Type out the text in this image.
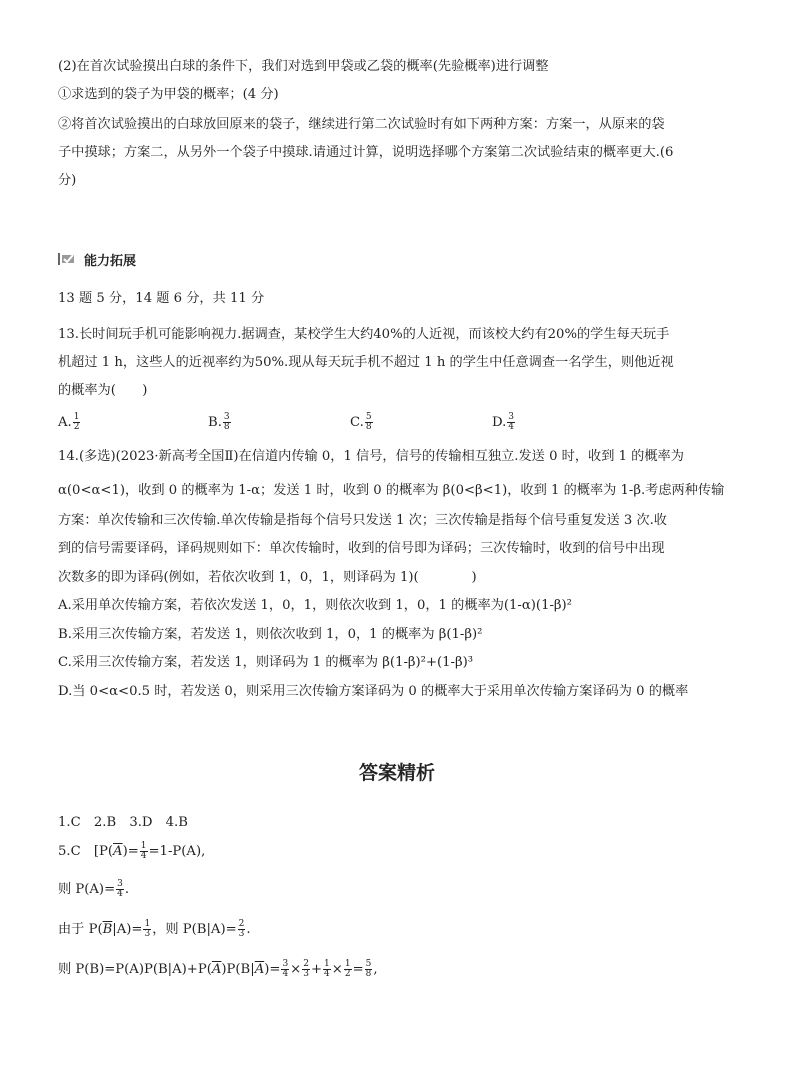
(2)在首次试验摸出白球的条件下，我们对选到甲袋或乙袋的概率(先验概率)进行调整
①求选到的袋子为甲袋的概率；(4 分)
②将首次试验摸出的白球放回原来的袋子，继续进行第二次试验时有如下两种方案：方案一，从原来的袋
子中摸球；方案二，从另外一个袋子中摸球.请通过计算，说明选择哪个方案第二次试验结束的概率更大.(6
分)
能力拓展
13 题 5 分，14 题 6 分，共 11 分
13.长时间玩手机可能影响视力.据调查，某校学生大约40%的人近视，而该校大约有20%的学生每天玩手
机超过 1 h，这些人的近视率约为50%.现从每天玩手机不超过 1 h 的学生中任意调查一名学生，则他近视
的概率为(　　)
A. $\frac{1}{2}$	B. $\frac{3}{8}$	C. $\frac{5}{8}$	D. $\frac{3}{4}$
14.(多选)(2023·新高考全国Ⅱ)在信道内传输 0，1 信号，信号的传输相互独立.发送 0 时，收到 1 的概率为
α(0<α<1)，收到 0 的概率为 1-α；发送 1 时，收到 0 的概率为 β(0<β<1)，收到 1 的概率为 1-β.考虑两种传输
方案：单次传输和三次传输.单次传输是指每个信号只发送 1 次；三次传输是指每个信号重复发送 3 次.收
到的信号需要译码，译码规则如下：单次传输时，收到的信号即为译码；三次传输时，收到的信号中出现
次数多的即为译码(例如，若依次收到 1，0，1，则译码为 1)(　　　　)
A.采用单次传输方案，若依次发送 1，0，1，则依次收到 1，0，1 的概率为(1-α)(1-β)²
B.采用三次传输方案，若发送 1，则依次收到 1，0，1 的概率为 β(1-β)²
C.采用三次传输方案，若发送 1，则译码为 1 的概率为 β(1-β)²+(1-β)³
D.当 0<α<0.5 时，若发送 0，则采用三次传输方案译码为 0 的概率大于采用单次传输方案译码为 0 的概率
答案精析
1.C　2.B　3.D　4.B
5.C　[P( $\overline{A}$ )= $\frac{1}{4} =1-P(A)$,
则 $P(A)= \frac{3}{4}$ .
由于 P( $\overline{B}$ $|A)= \frac{1}{3}$ ，则 $P(B|A)= \frac{2}{3}$ .
则 P(B)=P(A)P(B|A)+P( $\overline{A}$ )P(B| $\overline{A}$ )= $\frac{3}{4} \times \frac{2}{3} + \frac{1}{4} \times \frac{1}{2} = \frac{5}{8}$ ,
